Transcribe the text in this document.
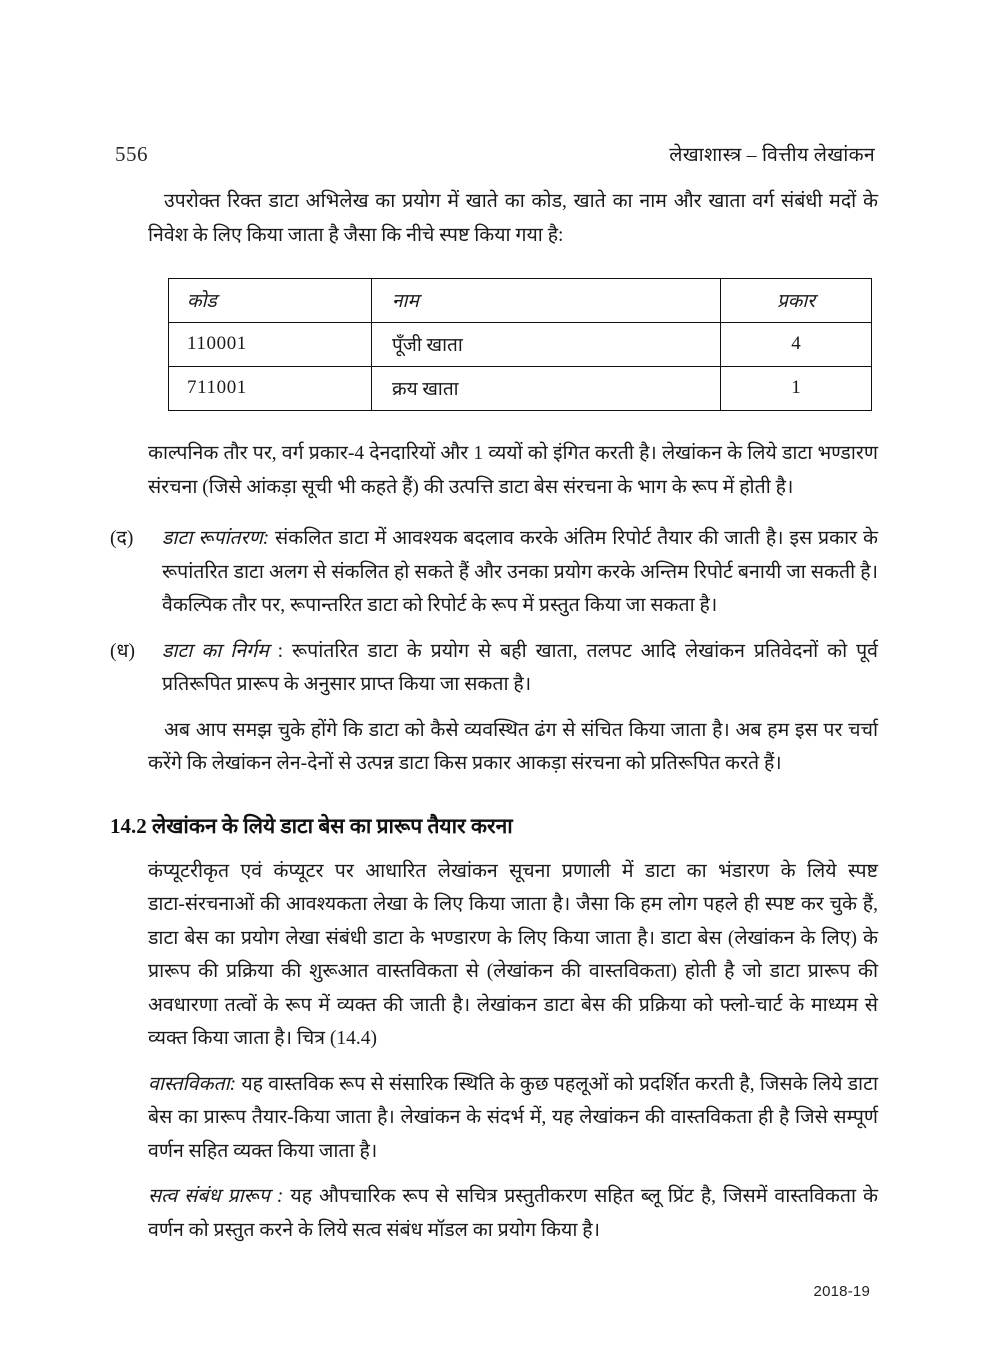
556	लेखाशास्त्र – वित्तीय लेखांकन

उपरोक्त रिक्त डाटा अभिलेख का प्रयोग में खाते का कोड, खाते का नाम और खाता वर्ग संबंधी मदों के निवेश के लिए किया जाता है जैसा कि नीचे स्पष्ट किया गया है:

कोड	नाम	प्रकार
110001	पूँजी खाता	4
711001	क्रय खाता	1

काल्पनिक तौर पर, वर्ग प्रकार‑4 देनदारियों और 1 व्ययों को इंगित करती है। लेखांकन के लिये डाटा भण्डारण संरचना (जिसे आंकड़ा सूची भी कहते हैं) की उत्पत्ति डाटा बेस संरचना के भाग के रूप में होती है।

(द)	डाटा रूपांतरण: संकलित डाटा में आवश्यक बदलाव करके अंतिम रिपोर्ट तैयार की जाती है। इस प्रकार के रूपांतरित डाटा अलग से संकलित हो सकते हैं और उनका प्रयोग करके अन्तिम रिपोर्ट बनायी जा सकती है। वैकल्पिक तौर पर, रूपान्तरित डाटा को रिपोर्ट के रूप में प्रस्तुत किया जा सकता है।
(ध)	डाटा का निर्गम : रूपांतरित डाटा के प्रयोग से बही खाता, तलपट आदि लेखांकन प्रतिवेदनों को पूर्व प्रतिरूपित प्रारूप के अनुसार प्राप्त किया जा सकता है।

अब आप समझ चुके होंगे कि डाटा को कैसे व्यवस्थित ढंग से संचित किया जाता है। अब हम इस पर चर्चा करेंगे कि लेखांकन लेन‑देनों से उत्पन्न डाटा किस प्रकार आकड़ा संरचना को प्रतिरूपित करते हैं।

14.2 लेखांकन के लिये डाटा बेस का प्रारूप तैयार करना

कंप्यूटरीकृत एवं कंप्यूटर पर आधारित लेखांकन सूचना प्रणाली में डाटा का भंडारण के लिये स्पष्ट डाटा‑संरचनाओं की आवश्यकता लेखा के लिए किया जाता है। जैसा कि हम लोग पहले ही स्पष्ट कर चुके हैं, डाटा बेस का प्रयोग लेखा संबंधी डाटा के भण्डारण के लिए किया जाता है। डाटा बेस (लेखांकन के लिए) के प्रारूप की प्रक्रिया की शुरूआत वास्तविकता से (लेखांकन की वास्तविकता) होती है जो डाटा प्रारूप की अवधारणा तत्वों के रूप में व्यक्त की जाती है। लेखांकन डाटा बेस की प्रक्रिया को फ्लो‑चार्ट के माध्यम से व्यक्त किया जाता है। चित्र (14.4)

वास्तविकता: यह वास्तविक रूप से संसारिक स्थिति के कुछ पहलूओं को प्रदर्शित करती है, जिसके लिये डाटा बेस का प्रारूप तैयार‑किया जाता है। लेखांकन के संदर्भ में, यह लेखांकन की वास्तविकता ही है जिसे सम्पूर्ण वर्णन सहित व्यक्त किया जाता है।

सत्व संबंध प्रारूप : यह औपचारिक रूप से सचित्र प्रस्तुतीकरण सहित ब्लू प्रिंट है, जिसमें वास्तविकता के वर्णन को प्रस्तुत करने के लिये सत्व संबंध मॉडल का प्रयोग किया है।

2018-19
